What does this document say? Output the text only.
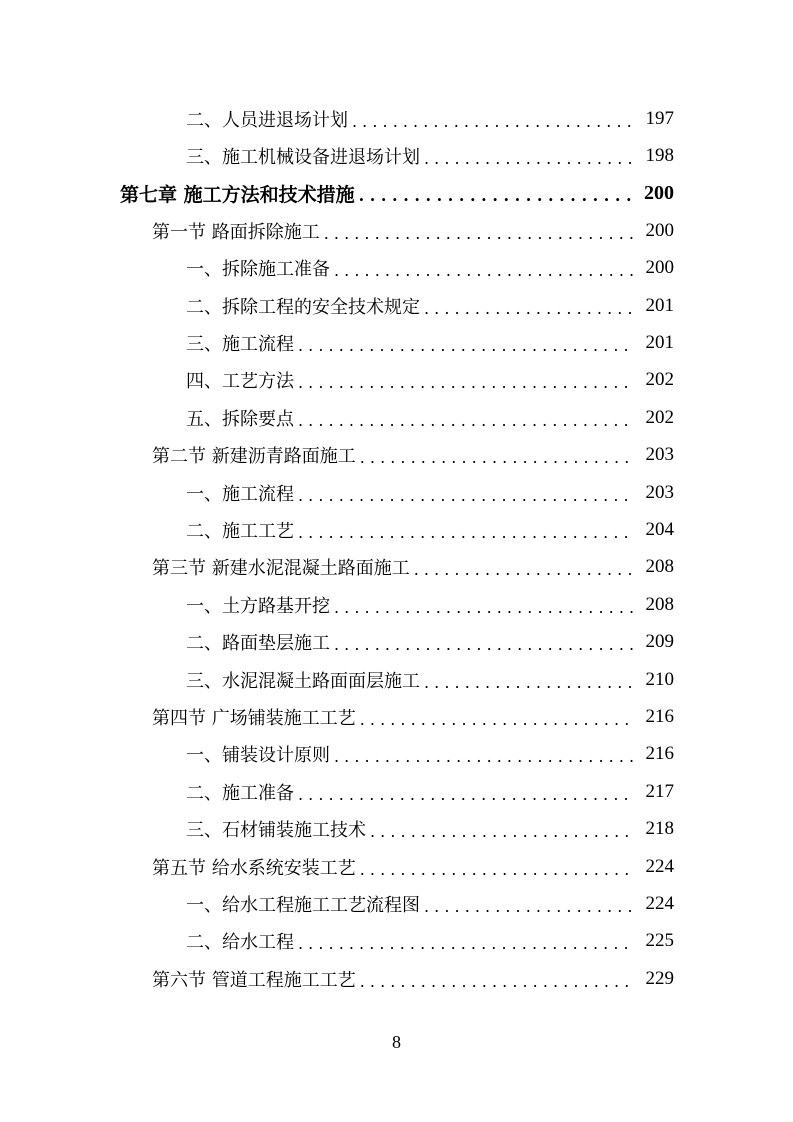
二、人员进退场计划 . . .	197
三、施工机械设备进退场计划 . . .	198
第七章 施工方法和技术措施 . . .	200
第一节 路面拆除施工 . . .	200
一、拆除施工准备 . . .	200
二、拆除工程的安全技术规定 . . .	201
三、施工流程 . . .	201
四、工艺方法 . . .	202
五、拆除要点 . . .	202
第二节 新建沥青路面施工 . . .	203
一、施工流程 . . .	203
二、施工工艺 . . .	204
第三节 新建水泥混凝土路面施工 . . .	208
一、土方路基开挖 . . .	208
二、路面垫层施工 . . .	209
三、水泥混凝土路面面层施工 . . .	210
第四节 广场铺装施工工艺 . . .	216
一、铺装设计原则 . . .	216
二、施工准备 . . .	217
三、石材铺装施工技术 . . .	218
第五节 给水系统安装工艺 . . .	224
一、给水工程施工工艺流程图 . . .	224
二、给水工程 . . .	225
第六节 管道工程施工工艺 . . .	229
8
